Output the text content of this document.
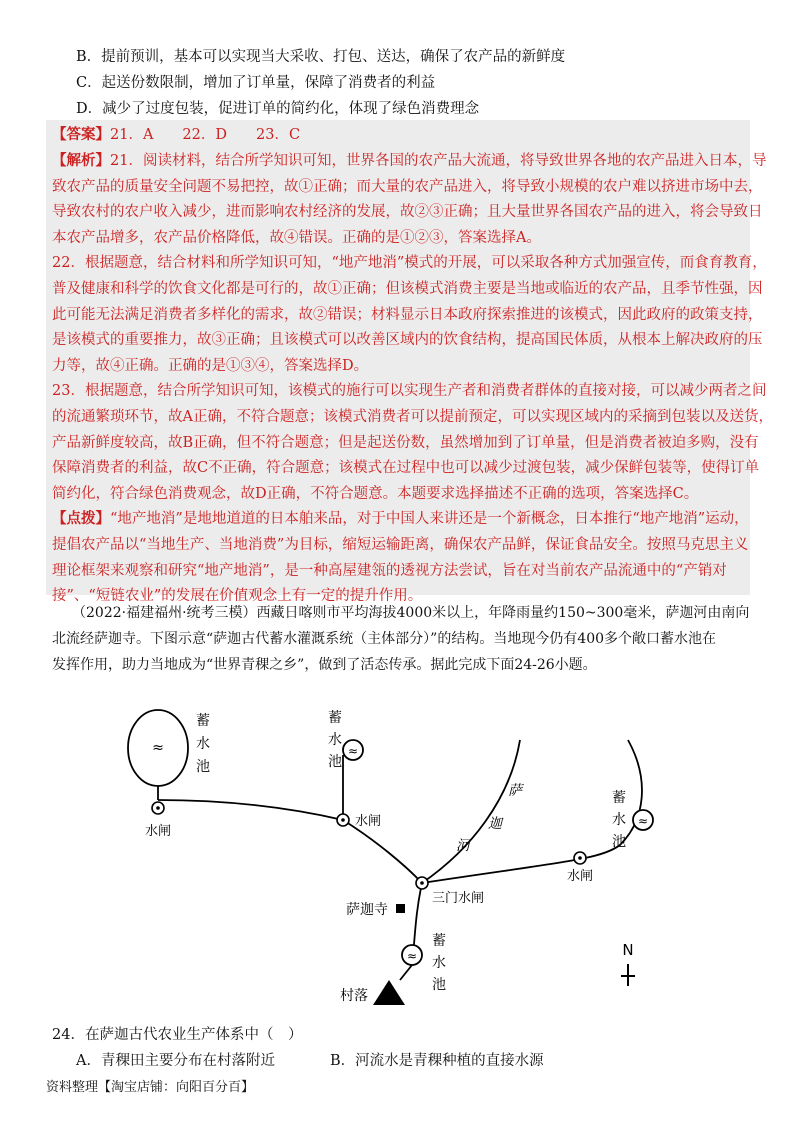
B．提前预训，基本可以实现当大采收、打包、送达，确保了农产品的新鲜度
C．起送份数限制，增加了订单量，保障了消费者的利益
D．减少了过度包装，促进订单的简约化，体现了绿色消费理念
【答案】21．A　　22．D　　23．C
【解析】21．阅读材料，结合所学知识可知，世界各国的农产品大流通，将导致世界各地的农产品进入日本，导
致农产品的质量安全问题不易把控，故①正确；而大量的农产品进入，将导致小规模的农户难以挤进市场中去，
导致农村的农户收入减少，进而影响农村经济的发展，故②③正确；且大量世界各国农产品的进入，将会导致日
本农产品增多，农产品价格降低，故④错误。正确的是①②③，答案选择A。
22．根据题意，结合材料和所学知识可知，“地产地消”模式的开展，可以采取各种方式加强宣传，而食育教育，
普及健康和科学的饮食文化都是可行的，故①正确；但该模式消费主要是当地或临近的农产品，且季节性强，因
此可能无法满足消费者多样化的需求，故②错误；材料显示日本政府探索推进的该模式，因此政府的政策支持，
是该模式的重要推力，故③正确；且该模式可以改善区域内的饮食结构，提高国民体质，从根本上解决政府的压
力等，故④正确。正确的是①③④，答案选择D。
23．根据题意，结合所学知识可知，该模式的施行可以实现生产者和消费者群体的直接对接，可以减少两者之间
的流通繁琐环节，故A正确，不符合题意；该模式消费者可以提前预定，可以实现区域内的采摘到包装以及送货，
产品新鲜度较高，故B正确，但不符合题意；但是起送份数，虽然增加到了订单量，但是消费者被迫多购，没有
保障消费者的利益，故C不正确，符合题意；该模式在过程中也可以减少过渡包装，减少保鲜包装等，使得订单
简约化，符合绿色消费观念，故D正确，不符合题意。本题要求选择描述不正确的选项，答案选择C。
【点拨】“地产地消”是地地道道的日本舶来品，对于中国人来讲还是一个新概念，日本推行“地产地消”运动，
提倡农产品以“当地生产、当地消费”为目标，缩短运输距离，确保农产品鲜，保证食品安全。按照马克思主义
理论框架来观察和研究“地产地消”，是一种高屋建瓴的透视方法尝试，旨在对当前农产品流通中的“产销对
接”、“短链农业”的发展在价值观念上有一定的提升作用。
（2022·福建福州·统考三模）西藏日喀则市平均海拔4000米以上，年降雨量约150~300毫米，萨迦河由南向
北流经萨迦寺。下图示意“萨迦古代蓄水灌溉系统（主体部分）”的结构。当地现今仍有400多个敞口蓄水池在
发挥作用，助力当地成为“世界青稞之乡”，做到了活态传承。据此完成下面24-26小题。
≈
蓄
水
池
水闸
≈
蓄
水
池
水闸
萨
迦
河
≈
蓄
水
池
水闸
三门水闸
萨迦寺
≈
蓄
水
池
村落
N
24．在萨迦古代农业生产体系中（　）
A．青稞田主要分布在村落附近	B．河流水是青稞种植的直接水源
资料整理【淘宝店铺：向阳百分百】
